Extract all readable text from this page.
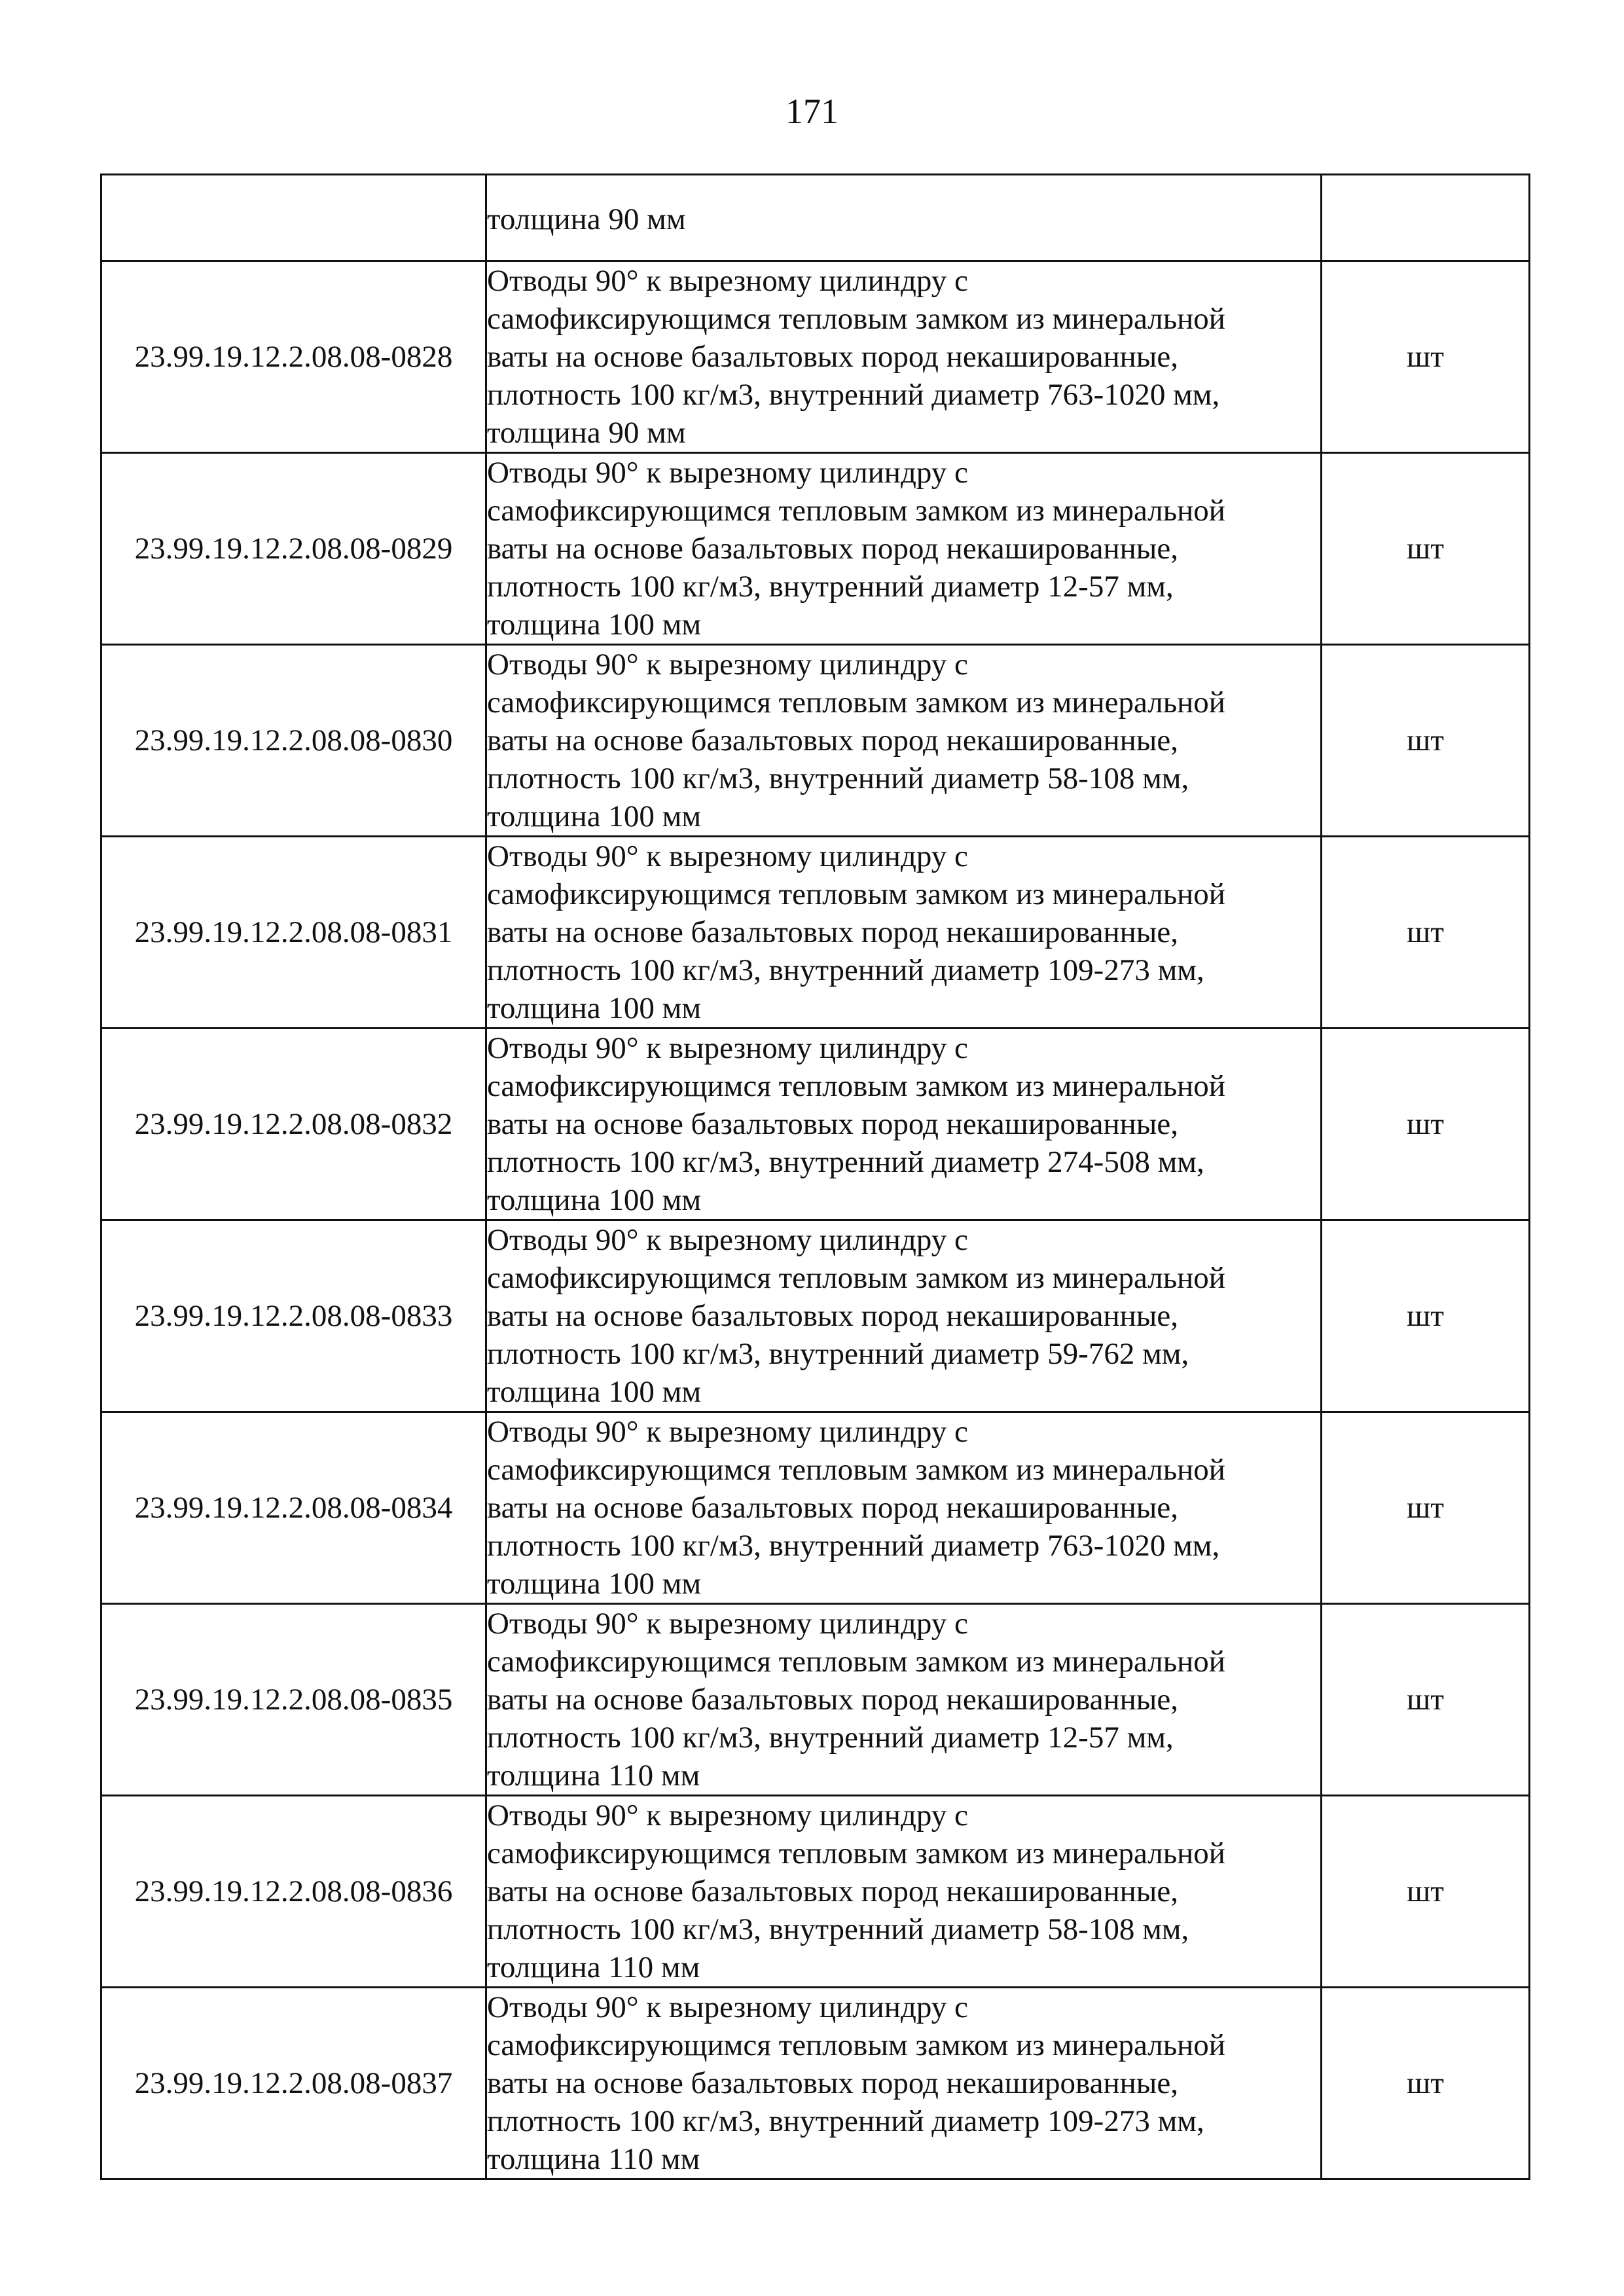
171
	толщина 90 мм	
23.99.19.12.2.08.08-0828	Отводы 90° к вырезному цилиндру с
самофиксирующимся тепловым замком из минеральной
ваты на основе базальтовых пород некашированные,
плотность 100 кг/м3, внутренний диаметр 763-1020 мм,
толщина 90 мм	шт
23.99.19.12.2.08.08-0829	Отводы 90° к вырезному цилиндру с
самофиксирующимся тепловым замком из минеральной
ваты на основе базальтовых пород некашированные,
плотность 100 кг/м3, внутренний диаметр 12-57 мм,
толщина 100 мм	шт
23.99.19.12.2.08.08-0830	Отводы 90° к вырезному цилиндру с
самофиксирующимся тепловым замком из минеральной
ваты на основе базальтовых пород некашированные,
плотность 100 кг/м3, внутренний диаметр 58-108 мм,
толщина 100 мм	шт
23.99.19.12.2.08.08-0831	Отводы 90° к вырезному цилиндру с
самофиксирующимся тепловым замком из минеральной
ваты на основе базальтовых пород некашированные,
плотность 100 кг/м3, внутренний диаметр 109-273 мм,
толщина 100 мм	шт
23.99.19.12.2.08.08-0832	Отводы 90° к вырезному цилиндру с
самофиксирующимся тепловым замком из минеральной
ваты на основе базальтовых пород некашированные,
плотность 100 кг/м3, внутренний диаметр 274-508 мм,
толщина 100 мм	шт
23.99.19.12.2.08.08-0833	Отводы 90° к вырезному цилиндру с
самофиксирующимся тепловым замком из минеральной
ваты на основе базальтовых пород некашированные,
плотность 100 кг/м3, внутренний диаметр 59-762 мм,
толщина 100 мм	шт
23.99.19.12.2.08.08-0834	Отводы 90° к вырезному цилиндру с
самофиксирующимся тепловым замком из минеральной
ваты на основе базальтовых пород некашированные,
плотность 100 кг/м3, внутренний диаметр 763-1020 мм,
толщина 100 мм	шт
23.99.19.12.2.08.08-0835	Отводы 90° к вырезному цилиндру с
самофиксирующимся тепловым замком из минеральной
ваты на основе базальтовых пород некашированные,
плотность 100 кг/м3, внутренний диаметр 12-57 мм,
толщина 110 мм	шт
23.99.19.12.2.08.08-0836	Отводы 90° к вырезному цилиндру с
самофиксирующимся тепловым замком из минеральной
ваты на основе базальтовых пород некашированные,
плотность 100 кг/м3, внутренний диаметр 58-108 мм,
толщина 110 мм	шт
23.99.19.12.2.08.08-0837	Отводы 90° к вырезному цилиндру с
самофиксирующимся тепловым замком из минеральной
ваты на основе базальтовых пород некашированные,
плотность 100 кг/м3, внутренний диаметр 109-273 мм,
толщина 110 мм	шт
